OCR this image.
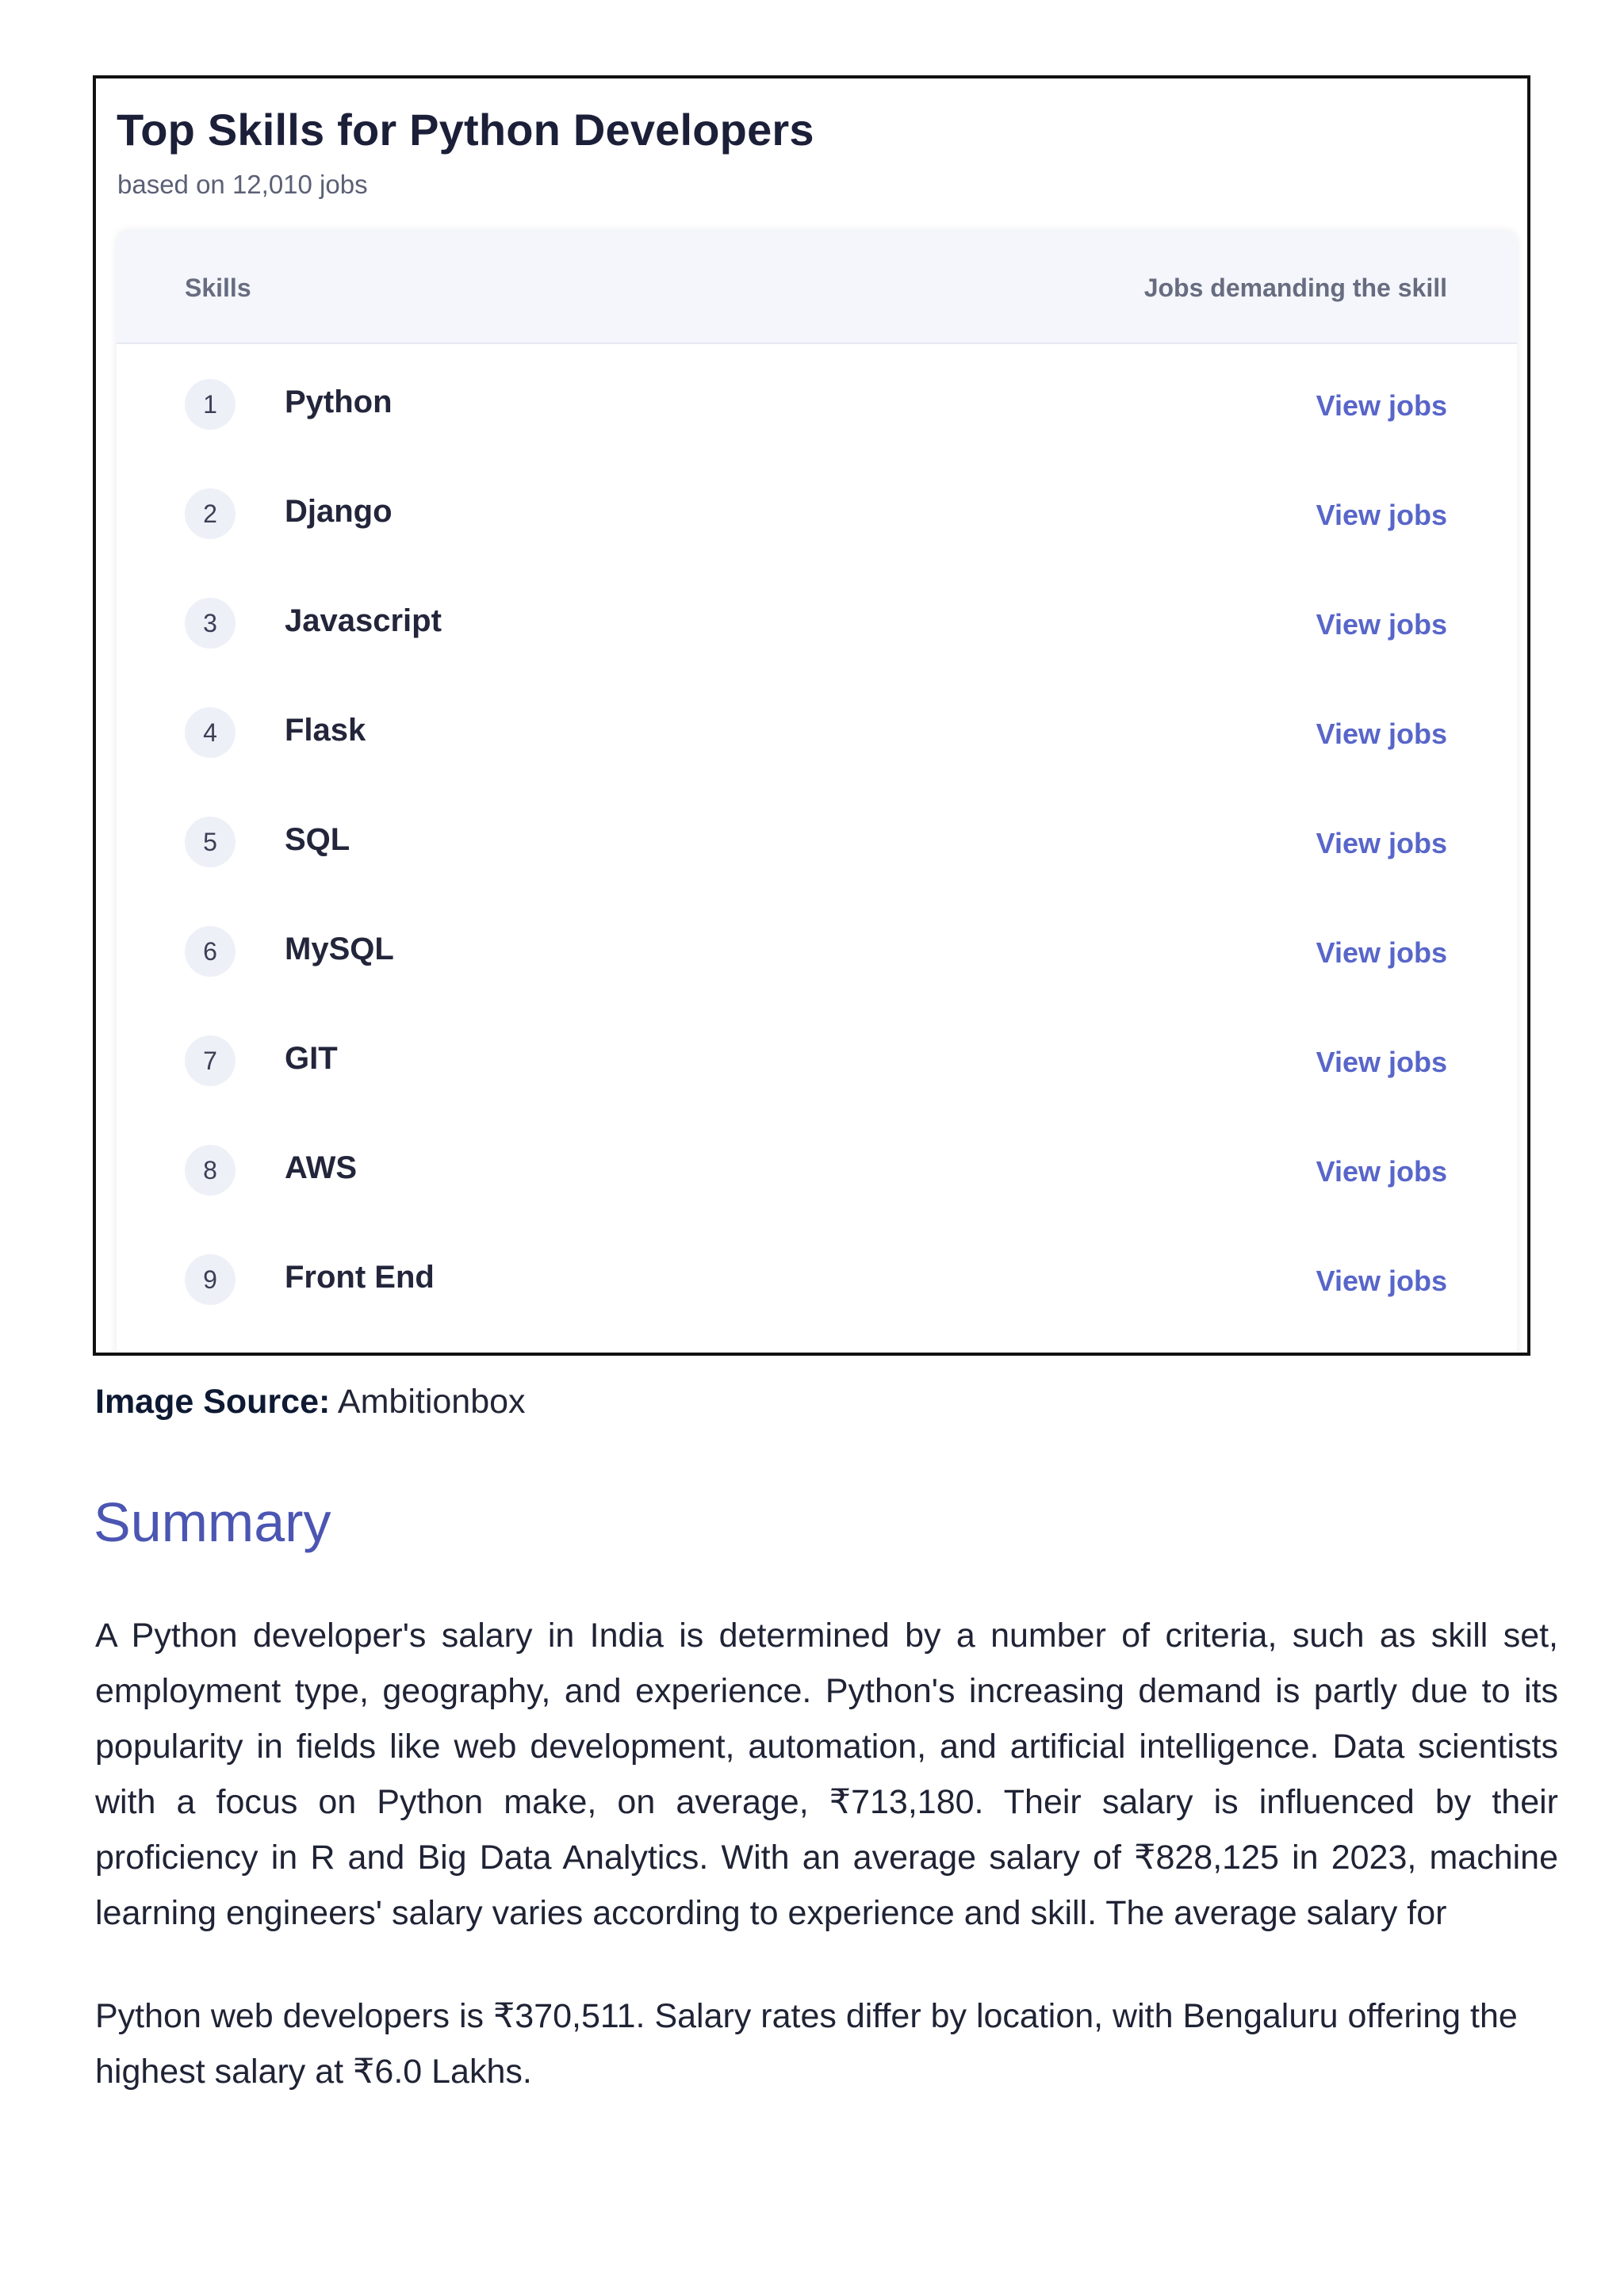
Top Skills for Python Developers
based on 12,010 jobs
Skills	Jobs demanding the skill
1	Python	View jobs
2	Django	View jobs
3	Javascript	View jobs
4	Flask	View jobs
5	SQL	View jobs
6	MySQL	View jobs
7	GIT	View jobs
8	AWS	View jobs
9	Front End	View jobs
Image Source: Ambitionbox
Summary

A Python developer's salary in India is determined by a number of criteria, such as skill set, employment type, geography, and experience. Python's increasing demand is partly due to its popularity in fields like web development, automation, and artificial intelligence. Data scientists with a focus on Python make, on average, ₹713,180. Their salary is influenced by their proficiency in R and Big Data Analytics. With an average salary of ₹828,125 in 2023, machine learning engineers' salary varies according to experience and skill. The average salary for

Python web developers is ₹370,511. Salary rates differ by location, with Bengaluru offering the highest salary at ₹6.0 Lakhs.
